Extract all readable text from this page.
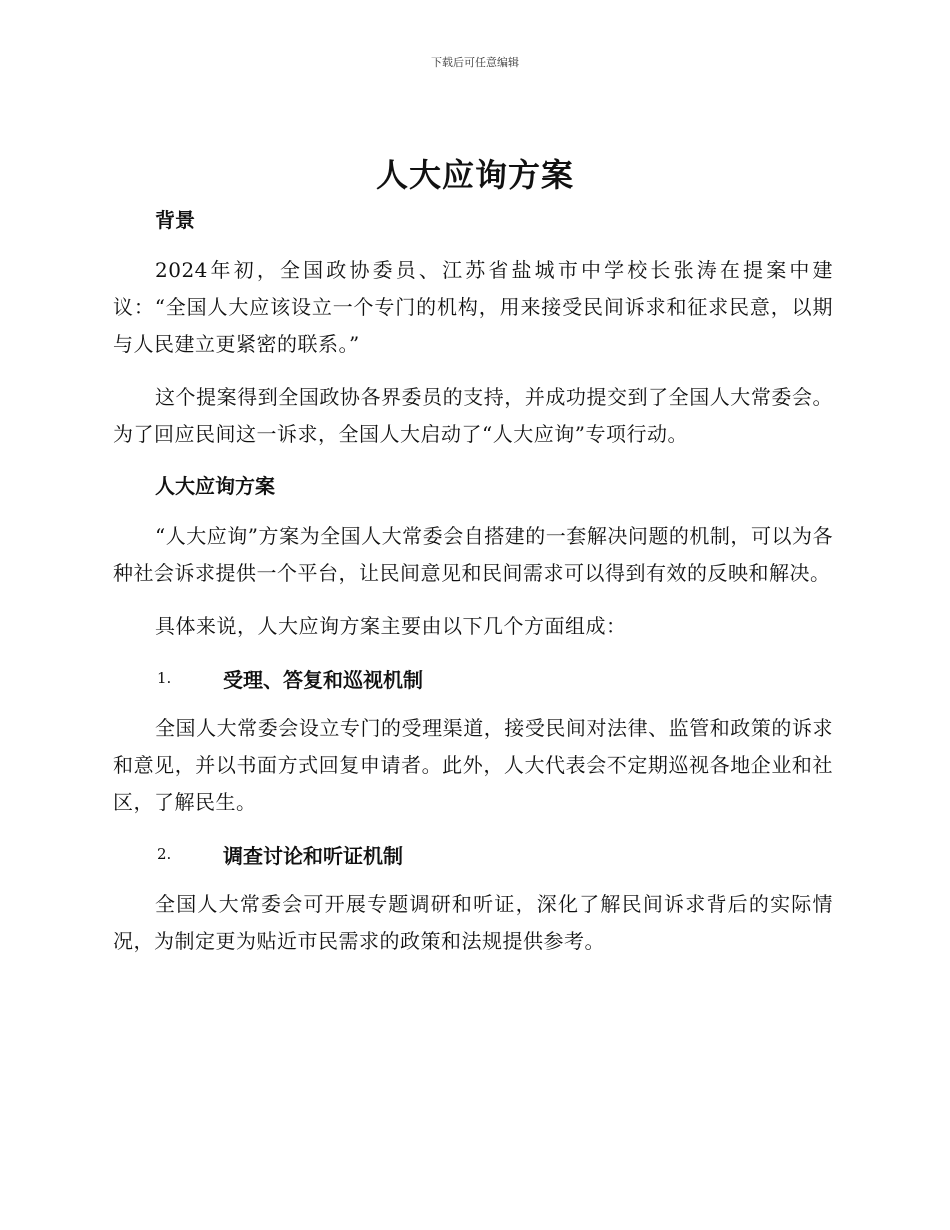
下载后可任意编辑
人大应询方案

背景

2024年初，全国政协委员、江苏省盐城市中学校长张涛在提案中建议：“全国人大应该设立一个专门的机构，用来接受民间诉求和征求民意，以期与人民建立更紧密的联系。”

这个提案得到全国政协各界委员的支持，并成功提交到了全国人大常委会。为了回应民间这一诉求，全国人大启动了“人大应询”专项行动。

人大应询方案

“人大应询”方案为全国人大常委会自搭建的一套解决问题的机制，可以为各种社会诉求提供一个平台，让民间意见和民间需求可以得到有效的反映和解决。

具体来说，人大应询方案主要由以下几个方面组成：

1.	受理、答复和巡视机制

全国人大常委会设立专门的受理渠道，接受民间对法律、监管和政策的诉求和意见，并以书面方式回复申请者。此外，人大代表会不定期巡视各地企业和社区，了解民生。

2.	调查讨论和听证机制

全国人大常委会可开展专题调研和听证，深化了解民间诉求背后的实际情况，为制定更为贴近市民需求的政策和法规提供参考。
